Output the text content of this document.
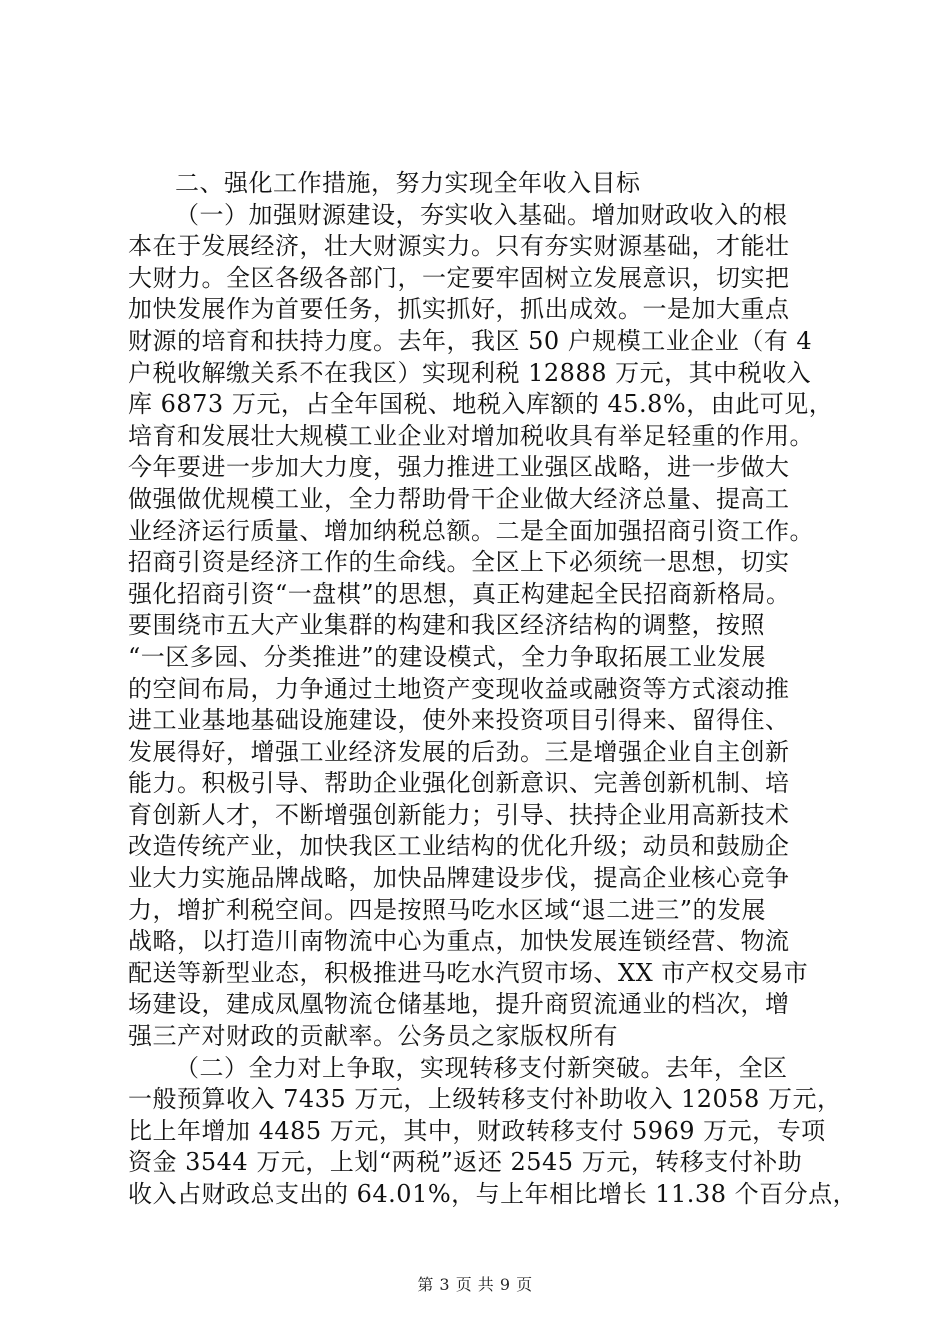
二、强化工作措施，努力实现全年收入目标
（一）加强财源建设，夯实收入基础。增加财政收入的根
本在于发展经济，壮大财源实力。只有夯实财源基础，才能壮
大财力。全区各级各部门，一定要牢固树立发展意识，切实把
加快发展作为首要任务，抓实抓好，抓出成效。一是加大重点
财源的培育和扶持力度。去年，我区 50 户规模工业企业（有 4
户税收解缴关系不在我区）实现利税 12888 万元，其中税收入
库 6873 万元，占全年国税、地税入库额的 45.8%，由此可见，
培育和发展壮大规模工业企业对增加税收具有举足轻重的作用。
今年要进一步加大力度，强力推进工业强区战略，进一步做大
做强做优规模工业，全力帮助骨干企业做大经济总量、提高工
业经济运行质量、增加纳税总额。二是全面加强招商引资工作。
招商引资是经济工作的生命线。全区上下必须统一思想，切实
强化招商引资“一盘棋”的思想，真正构建起全民招商新格局。
要围绕市五大产业集群的构建和我区经济结构的调整，按照
“一区多园、分类推进”的建设模式，全力争取拓展工业发展
的空间布局，力争通过土地资产变现收益或融资等方式滚动推
进工业基地基础设施建设，使外来投资项目引得来、留得住、
发展得好，增强工业经济发展的后劲。三是增强企业自主创新
能力。积极引导、帮助企业强化创新意识、完善创新机制、培
育创新人才，不断增强创新能力；引导、扶持企业用高新技术
改造传统产业，加快我区工业结构的优化升级；动员和鼓励企
业大力实施品牌战略，加快品牌建设步伐，提高企业核心竞争
力，增扩利税空间。四是按照马吃水区域“退二进三”的发展
战略，以打造川南物流中心为重点，加快发展连锁经营、物流
配送等新型业态，积极推进马吃水汽贸市场、XX 市产权交易市
场建设，建成凤凰物流仓储基地，提升商贸流通业的档次，增
强三产对财政的贡献率。公务员之家版权所有
（二）全力对上争取，实现转移支付新突破。去年，全区
一般预算收入 7435 万元，上级转移支付补助收入 12058 万元，
比上年增加 4485 万元，其中，财政转移支付 5969 万元，专项
资金 3544 万元，上划“两税”返还 2545 万元，转移支付补助
收入占财政总支出的 64.01%，与上年相比增长 11.38 个百分点，
第 3 页 共 9 页
